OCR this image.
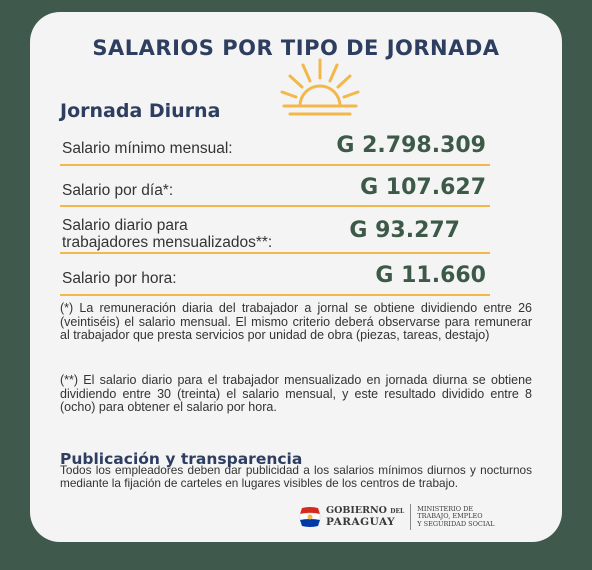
SALARIOS POR TIPO DE JORNADA
Jornada Diurna
Salario mínimo mensual:	G 2.798.309
Salario por día*:	G 107.627
Salario diario para
trabajadores mensualizados**:	G 93.277
Salario por hora:	G 11.660
(*) La remuneración diaria del trabajador a jornal se obtiene dividiendo entre 26 (veintiséis) el salario mensual. El mismo criterio deberá observarse para remunerar al trabajador que presta servicios por unidad de obra (piezas, tareas, destajo)
(**) El salario diario para el trabajador mensualizado en jornada diurna se obtiene dividiendo entre 30 (treinta) el salario mensual, y este resultado dividido entre 8 (ocho) para obtener el salario por hora.
Publicación y transparencia
Todos los empleadores deben dar publicidad a los salarios mínimos diurnos y nocturnos mediante la fijación de carteles en lugares visibles de los centros de trabajo.
GOBIERNO DEL
PARAGUAY
MINISTERIO DE
TRABAJO, EMPLEO
Y SEGURIDAD SOCIAL
